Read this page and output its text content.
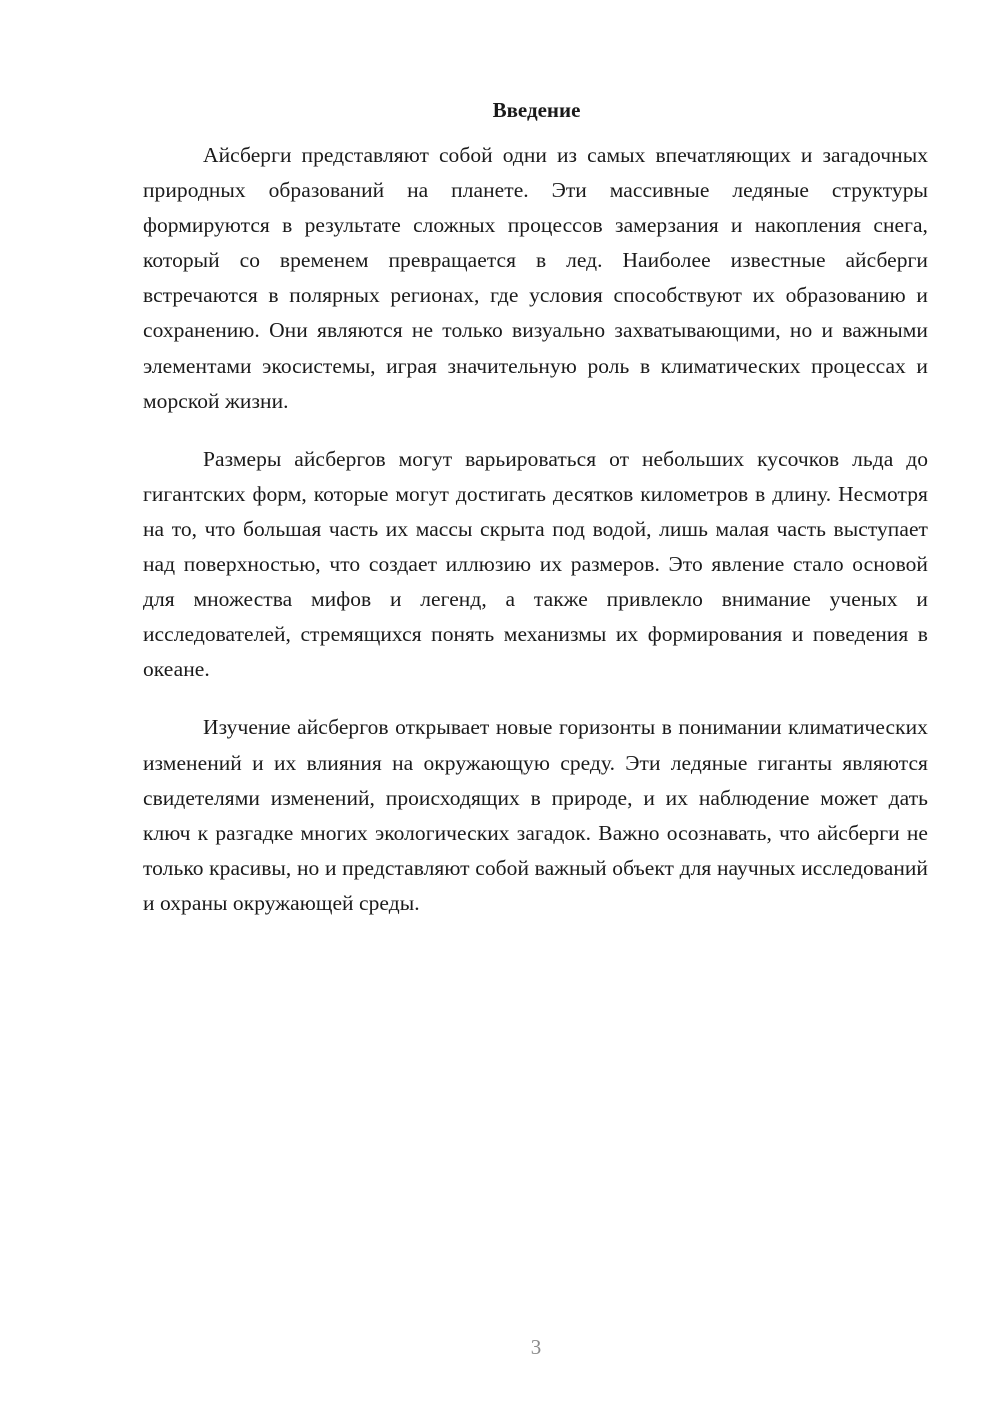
Введение

Айсберги представляют собой одни из самых впечатляющих и загадочных природных образований на планете. Эти массивные ледяные структуры формируются в результате сложных процессов замерзания и накопления снега, который со временем превращается в лед. Наиболее известные айсберги встречаются в полярных регионах, где условия способствуют их образованию и сохранению. Они являются не только визуально захватывающими, но и важными элементами экосистемы, играя значительную роль в климатических процессах и морской жизни.

Размеры айсбергов могут варьироваться от небольших кусочков льда до гигантских форм, которые могут достигать десятков километров в длину. Несмотря на то, что большая часть их массы скрыта под водой, лишь малая часть выступает над поверхностью, что создает иллюзию их размеров. Это явление стало основой для множества мифов и легенд, а также привлекло внимание ученых и исследователей, стремящихся понять механизмы их формирования и поведения в океане.

Изучение айсбергов открывает новые горизонты в понимании климатических изменений и их влияния на окружающую среду. Эти ледяные гиганты являются свидетелями изменений, происходящих в природе, и их наблюдение может дать ключ к разгадке многих экологических загадок. Важно осознавать, что айсберги не только красивы, но и представляют собой важный объект для научных исследований и охраны окружающей среды.

3
